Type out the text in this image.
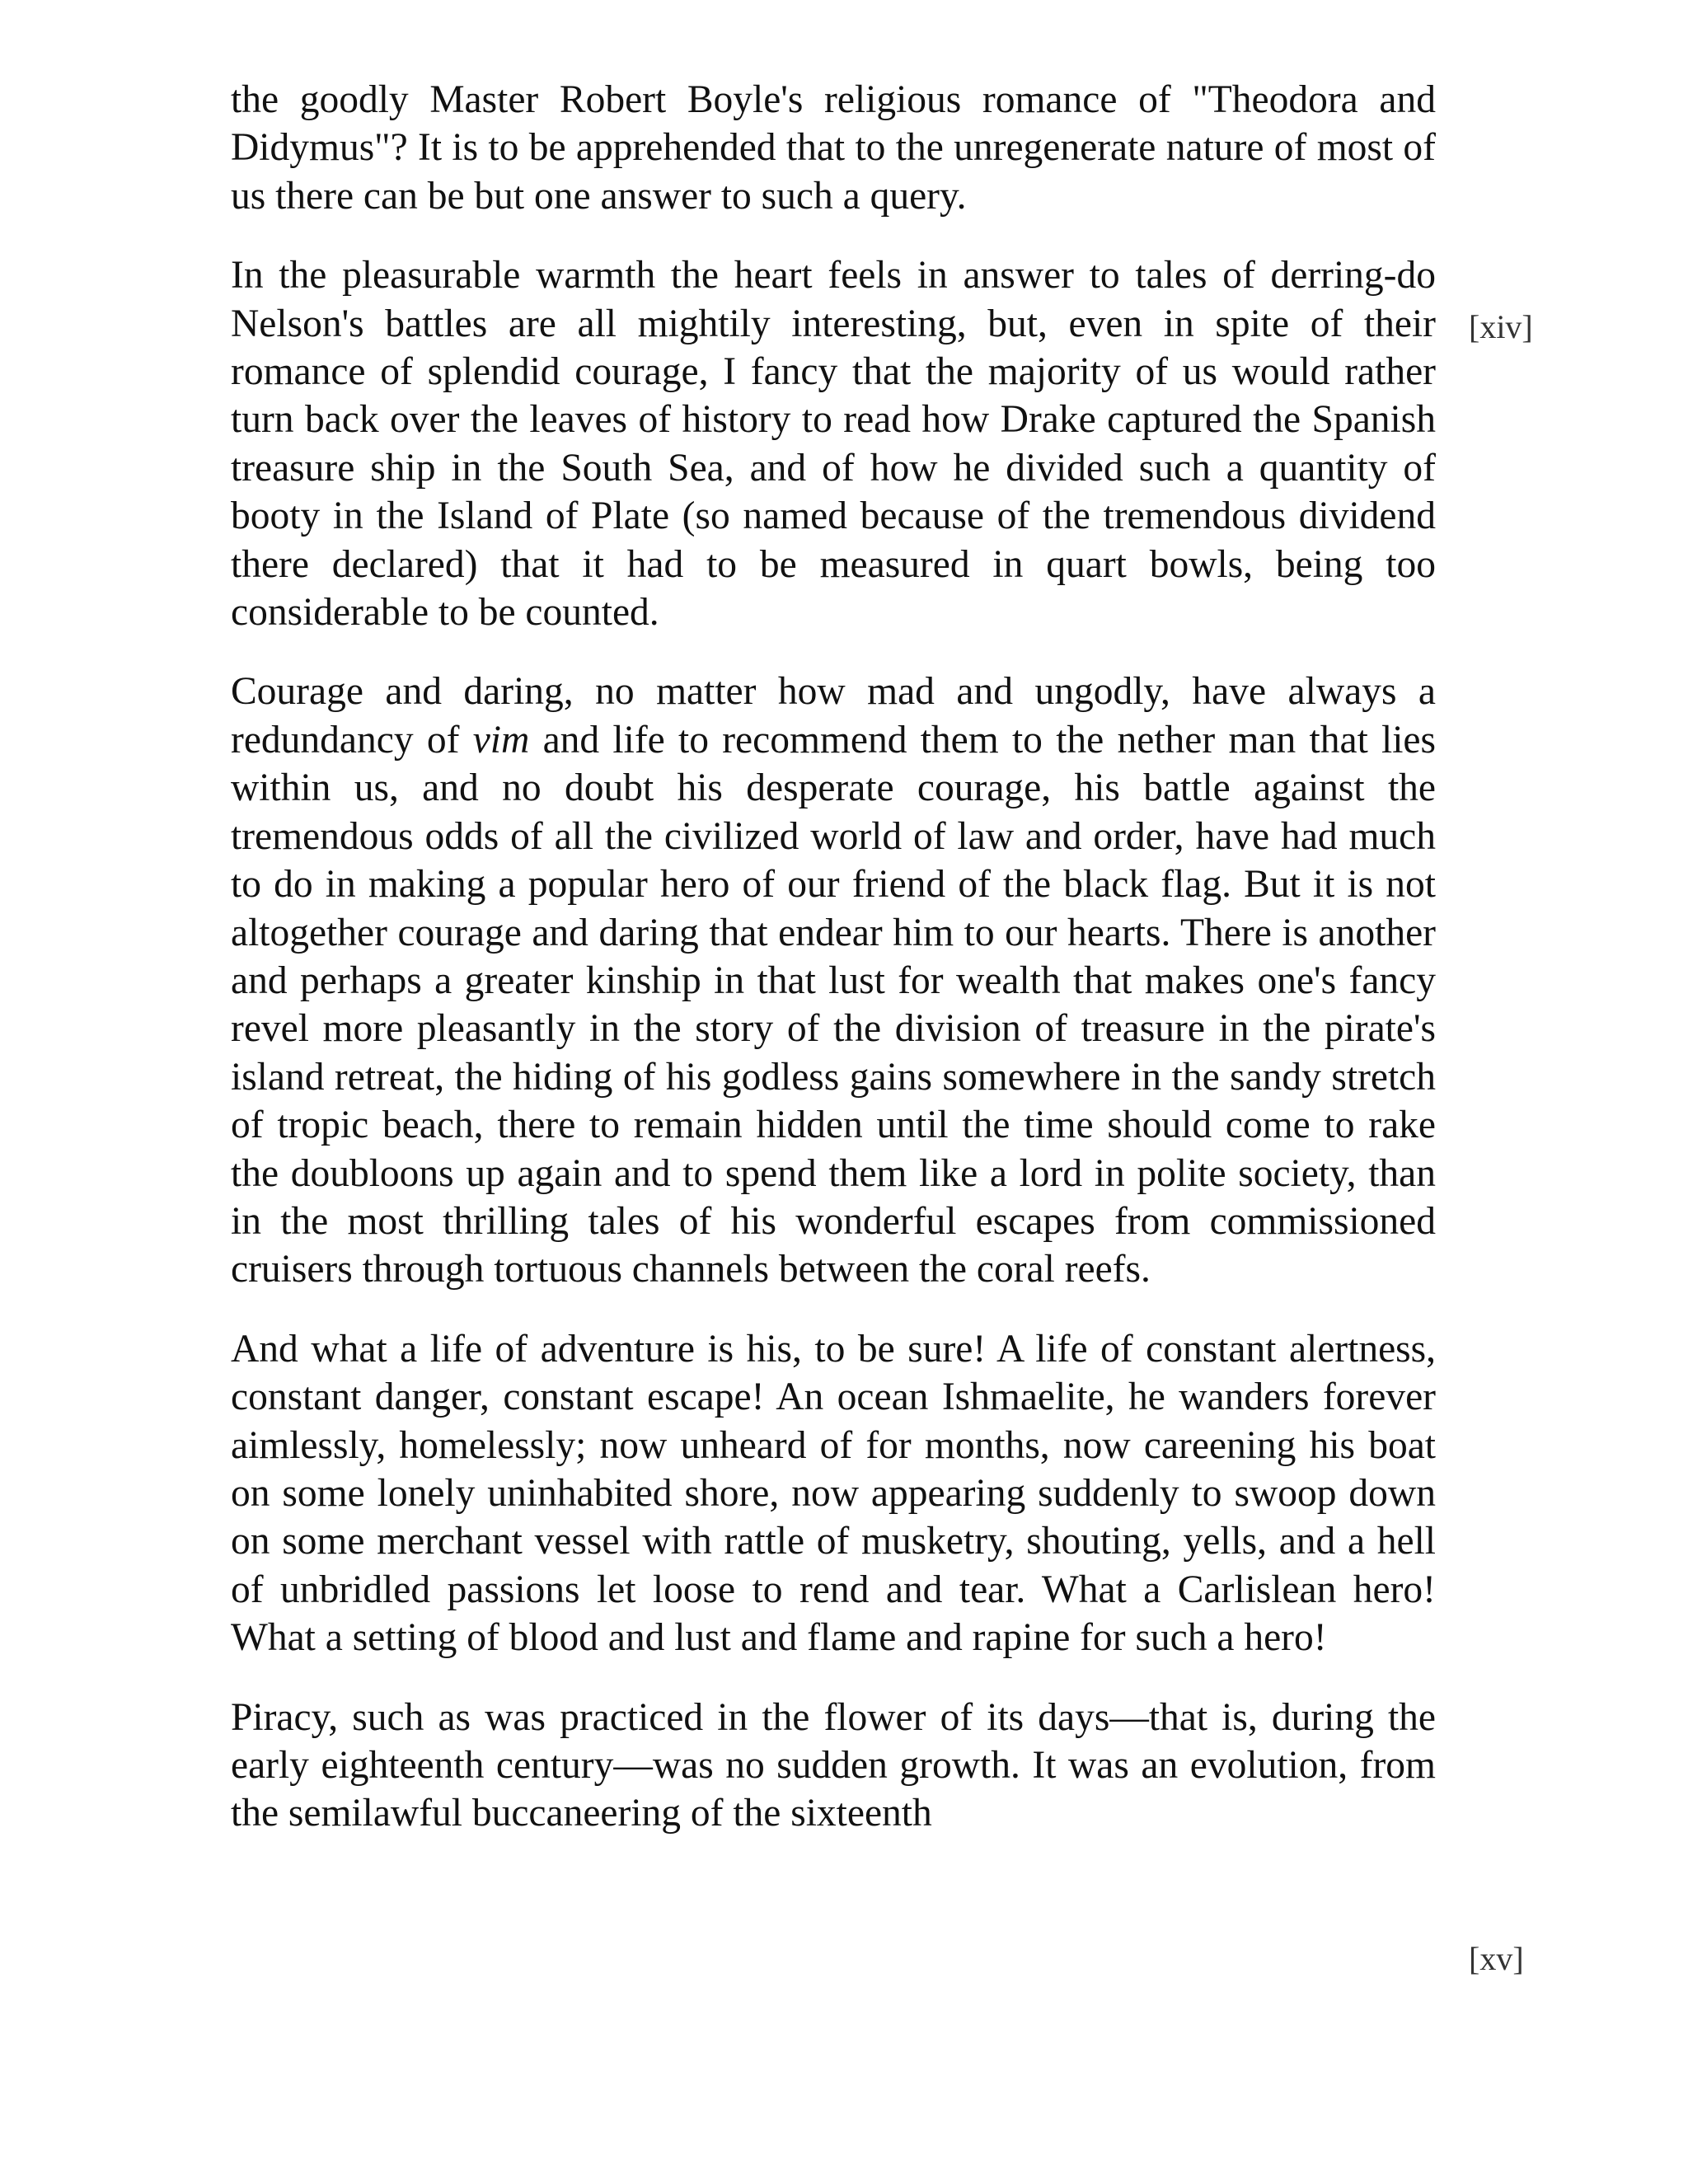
the goodly Master Robert Boyle's religious romance of "Theodora and Didymus"? It is to be apprehended that to the unregenerate nature of most of us there can be but one answer to such a query.

In the pleasurable warmth the heart feels in answer to tales of derring-do Nelson's battles are all mightily interesting, but, even in spite of their romance of splendid courage, I fancy that the majority of us would rather turn back over the leaves of history to read how Drake captured the Spanish treasure ship in the South Sea, and of how he divided such a quantity of booty in the Island of Plate (so named because of the tremendous dividend there declared) that it had to be measured in quart bowls, being too considerable to be counted.

Courage and daring, no matter how mad and ungodly, have always a redundancy of vim and life to recommend them to the nether man that lies within us, and no doubt his desperate courage, his battle against the tremendous odds of all the civilized world of law and order, have had much to do in making a popular hero of our friend of the black flag. But it is not altogether courage and daring that endear him to our hearts. There is another and perhaps a greater kinship in that lust for wealth that makes one's fancy revel more pleasantly in the story of the division of treasure in the pirate's island retreat, the hiding of his godless gains somewhere in the sandy stretch of tropic beach, there to remain hidden until the time should come to rake the doubloons up again and to spend them like a lord in polite society, than in the most thrilling tales of his wonderful escapes from commissioned cruisers through tortuous channels between the coral reefs.

And what a life of adventure is his, to be sure! A life of constant alertness, constant danger, constant escape! An ocean Ishmaelite, he wanders forever aimlessly, homelessly; now unheard of for months, now careening his boat on some lonely uninhabited shore, now appearing suddenly to swoop down on some merchant vessel with rattle of musketry, shouting, yells, and a hell of unbridled passions let loose to rend and tear. What a Carlislean hero! What a setting of blood and lust and flame and rapine for such a hero!

Piracy, such as was practiced in the flower of its days—that is, during the early eighteenth century—was no sudden growth. It was an evolution, from the semilawful buccaneering of the sixteenth

[xiv]
[xv]
